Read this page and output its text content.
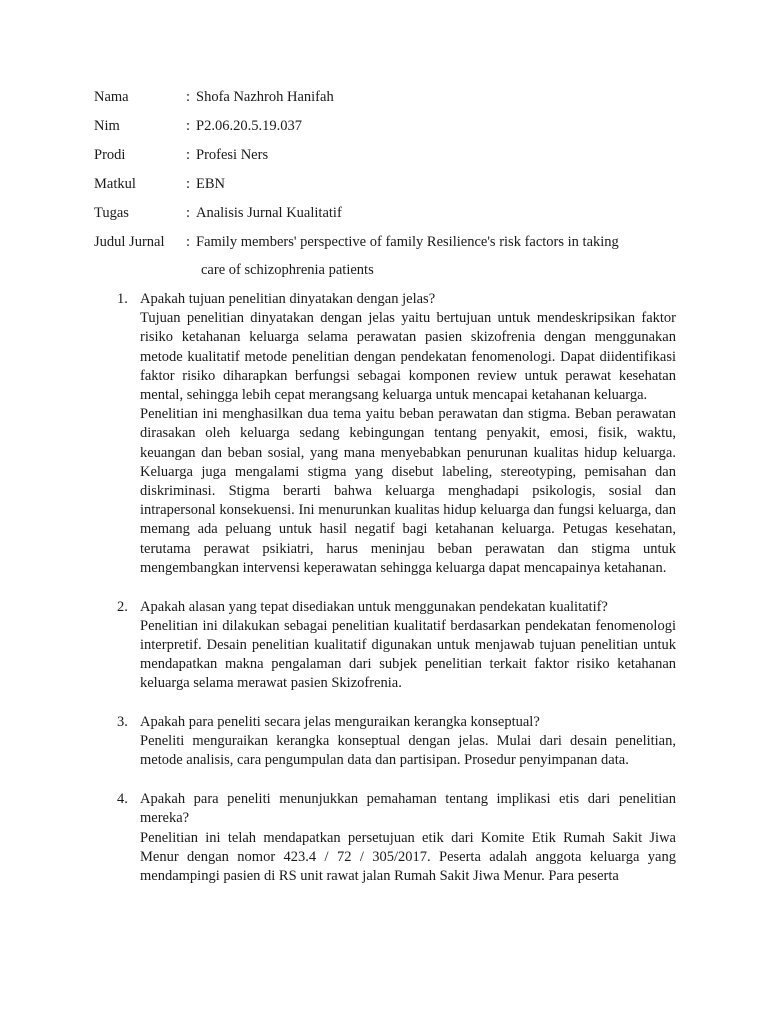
Nama	: Shofa Nazhroh Hanifah
Nim	: P2.06.20.5.19.037
Prodi	: Profesi Ners
Matkul	: EBN
Tugas	: Analisis Jurnal Kualitatif
Judul Jurnal	: Family members' perspective of family Resilience's risk factors in taking
care of schizophrenia patients
1. Apakah tujuan penelitian dinyatakan dengan jelas?

Tujuan penelitian dinyatakan dengan jelas yaitu bertujuan untuk mendeskripsikan faktor risiko ketahanan keluarga selama perawatan pasien skizofrenia dengan menggunakan metode kualitatif metode penelitian dengan pendekatan fenomenologi. Dapat diidentifikasi faktor risiko diharapkan berfungsi sebagai komponen review untuk perawat kesehatan mental, sehingga lebih cepat merangsang keluarga untuk mencapai ketahanan keluarga.

Penelitian ini menghasilkan dua tema yaitu beban perawatan dan stigma. Beban perawatan dirasakan oleh keluarga sedang kebingungan tentang penyakit, emosi, fisik, waktu, keuangan dan beban sosial, yang mana menyebabkan penurunan kualitas hidup keluarga. Keluarga juga mengalami stigma yang disebut labeling, stereotyping, pemisahan dan diskriminasi. Stigma berarti bahwa keluarga menghadapi psikologis, sosial dan intrapersonal konsekuensi. Ini menurunkan kualitas hidup keluarga dan fungsi keluarga, dan memang ada peluang untuk hasil negatif bagi ketahanan keluarga. Petugas kesehatan, terutama perawat psikiatri, harus meninjau beban perawatan dan stigma untuk mengembangkan intervensi keperawatan sehingga keluarga dapat mencapainya ketahanan.

2. Apakah alasan yang tepat disediakan untuk menggunakan pendekatan kualitatif?

Penelitian ini dilakukan sebagai penelitian kualitatif berdasarkan pendekatan fenomenologi interpretif. Desain penelitian kualitatif digunakan untuk menjawab tujuan penelitian untuk mendapatkan makna pengalaman dari subjek penelitian terkait faktor risiko ketahanan keluarga selama merawat pasien Skizofrenia.

3. Apakah para peneliti secara jelas menguraikan kerangka konseptual?

Peneliti menguraikan kerangka konseptual dengan jelas. Mulai dari desain penelitian, metode analisis, cara pengumpulan data dan partisipan. Prosedur penyimpanan data.

4. Apakah para peneliti menunjukkan pemahaman tentang implikasi etis dari penelitian mereka?

Penelitian ini telah mendapatkan persetujuan etik dari Komite Etik Rumah Sakit Jiwa Menur dengan nomor 423.4 / 72 / 305/2017. Peserta adalah anggota keluarga yang mendampingi pasien di RS unit rawat jalan Rumah Sakit Jiwa Menur. Para peserta
